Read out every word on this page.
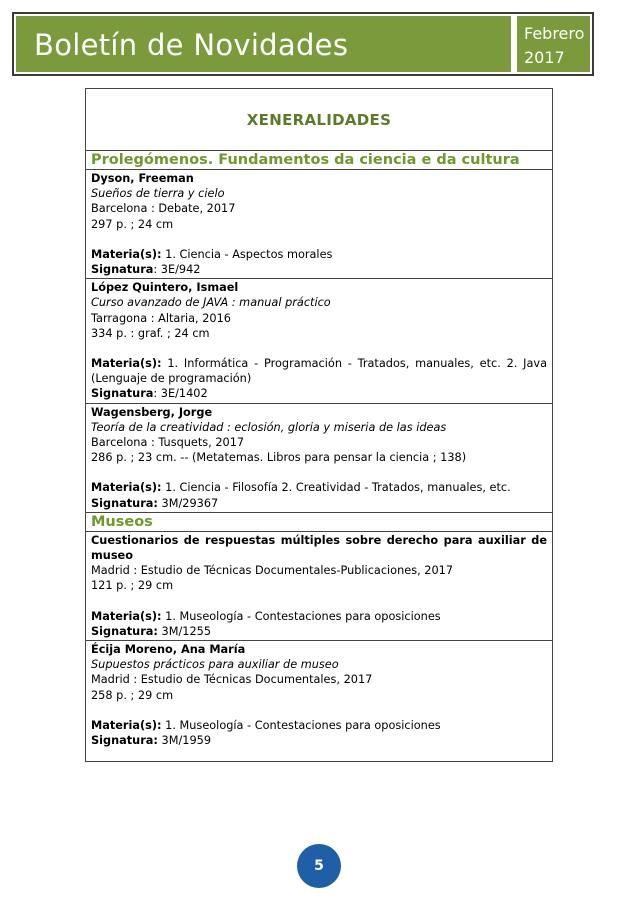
Boletín de Novidades	Febrero
2017
XENERALIDADES
Prolegómenos. Fundamentos da ciencia e da cultura
Dyson, Freeman
Sueños de tierra y cielo
Barcelona : Debate, 2017
297 p. ; 24 cm
Materia(s): 1. Ciencia - Aspectos morales
Signatura: 3E/942
López Quintero, Ismael
Curso avanzado de JAVA : manual práctico
Tarragona : Altaria, 2016
334 p. : graf. ; 24 cm
Materia(s): 1. Informática - Programación - Tratados, manuales, etc. 2. Java (Lenguaje de programación)
Signatura: 3E/1402
Wagensberg, Jorge
Teoría de la creatividad : eclosión, gloria y miseria de las ideas
Barcelona : Tusquets, 2017
286 p. ; 23 cm. -- (Metatemas. Libros para pensar la ciencia ; 138)
Materia(s): 1. Ciencia - Filosofía 2. Creatividad - Tratados, manuales, etc.
Signatura: 3M/29367
Museos
Cuestionarios de respuestas múltiples sobre derecho para auxiliar de museo
Madrid : Estudio de Técnicas Documentales-Publicaciones, 2017
121 p. ; 29 cm
Materia(s): 1. Museología - Contestaciones para oposiciones
Signatura: 3M/1255
Écija Moreno, Ana María
Supuestos prácticos para auxiliar de museo
Madrid : Estudio de Técnicas Documentales, 2017
258 p. ; 29 cm
Materia(s): 1. Museología - Contestaciones para oposiciones
Signatura: 3M/1959
5
